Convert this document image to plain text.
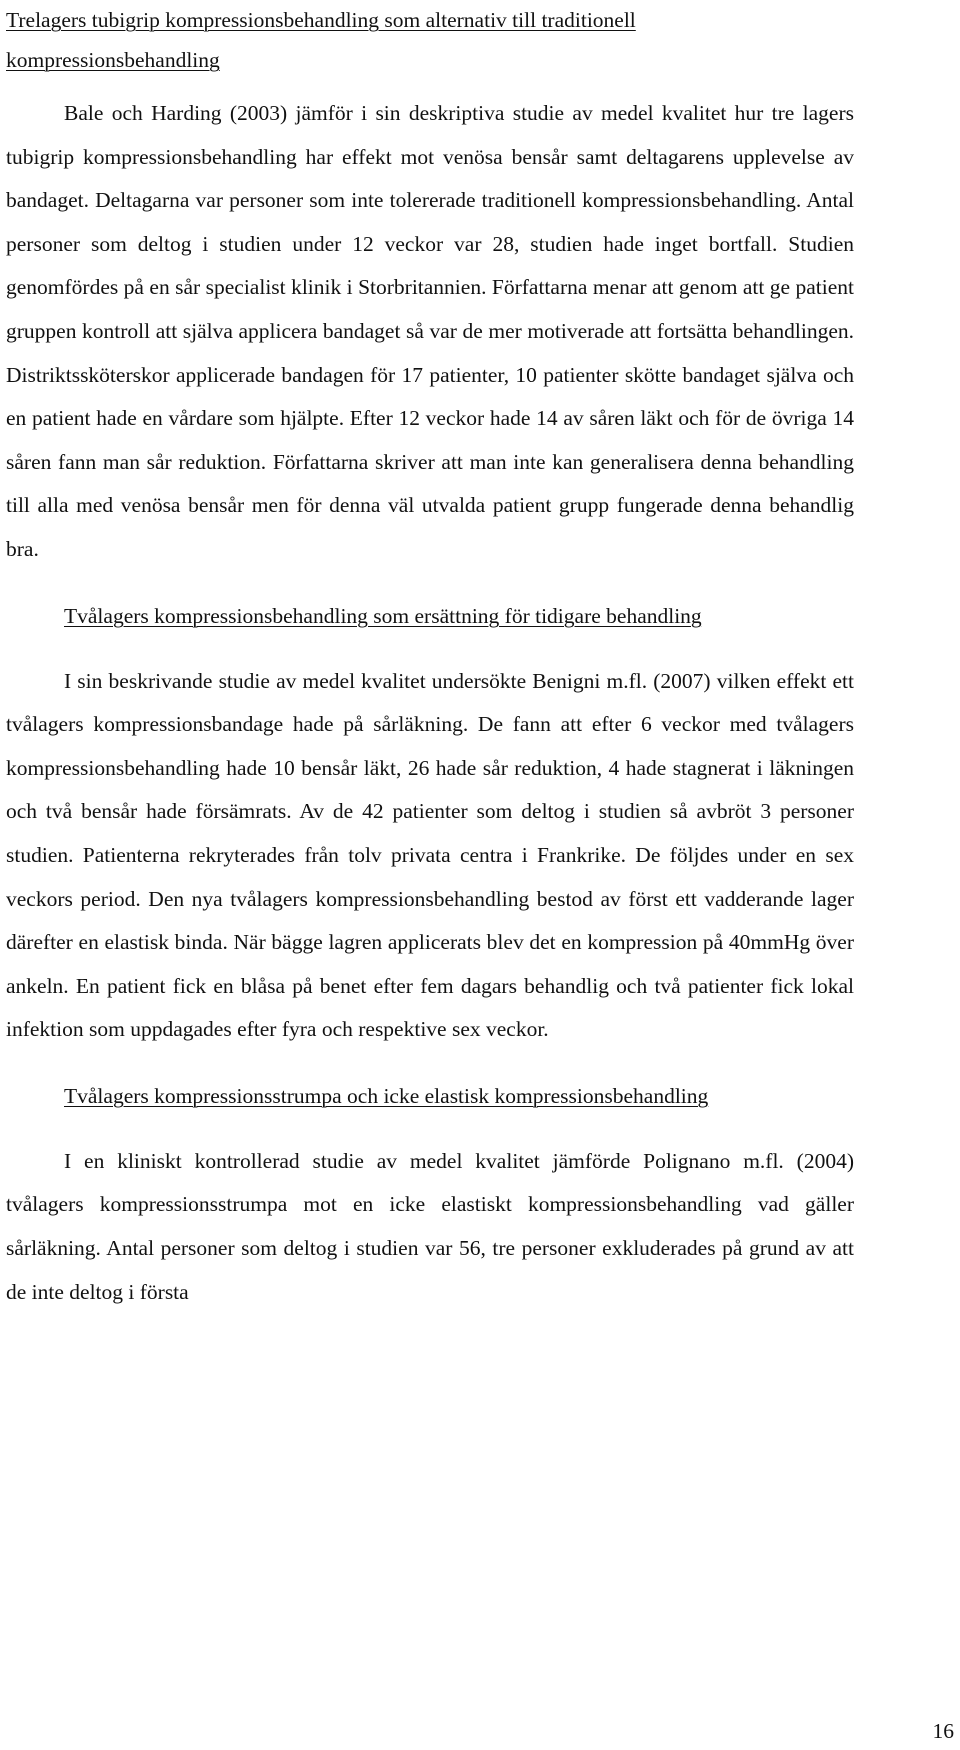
Trelagers tubigrip kompressionsbehandling som alternativ till traditionell kompressionsbehandling

Bale och Harding (2003) jämför i sin deskriptiva studie av medel kvalitet hur tre lagers tubigrip kompressionsbehandling har effekt mot venösa bensår samt deltagarens upplevelse av bandaget. Deltagarna var personer som inte tolererade traditionell kompressionsbehandling. Antal personer som deltog i studien under 12 veckor var 28, studien hade inget bortfall. Studien genomfördes på en sår specialist klinik i Storbritannien. Författarna menar att genom att ge patient gruppen kontroll att själva applicera bandaget så var de mer motiverade att fortsätta behandlingen. Distriktssköterskor applicerade bandagen för 17 patienter, 10 patienter skötte bandaget själva och en patient hade en vårdare som hjälpte. Efter 12 veckor hade 14 av såren läkt och för de övriga 14 såren fann man sår reduktion. Författarna skriver att man inte kan generalisera denna behandling till alla med venösa bensår men för denna väl utvalda patient grupp fungerade denna behandlig bra.

Tvålagers kompressionsbehandling som ersättning för tidigare behandling

I sin beskrivande studie av medel kvalitet undersökte Benigni m.fl. (2007) vilken effekt ett tvålagers kompressionsbandage hade på sårläkning. De fann att efter 6 veckor med tvålagers kompressionsbehandling hade 10 bensår läkt, 26 hade sår reduktion, 4 hade stagnerat i läkningen och två bensår hade försämrats. Av de 42 patienter som deltog i studien så avbröt 3 personer studien. Patienterna rekryterades från tolv privata centra i Frankrike. De följdes under en sex veckors period. Den nya tvålagers kompressionsbehandling bestod av först ett vadderande lager därefter en elastisk binda. När bägge lagren applicerats blev det en kompression på 40mmHg över ankeln. En patient fick en blåsa på benet efter fem dagars behandlig och två patienter fick lokal infektion som uppdagades efter fyra och respektive sex veckor.

Tvålagers kompressionsstrumpa och icke elastisk kompressionsbehandling

I en kliniskt kontrollerad studie av medel kvalitet jämförde Polignano m.fl. (2004) tvålagers kompressionsstrumpa mot en icke elastiskt kompressionsbehandling vad gäller sårläkning. Antal personer som deltog i studien var 56, tre personer exkluderades på grund av att de inte deltog i första

16
